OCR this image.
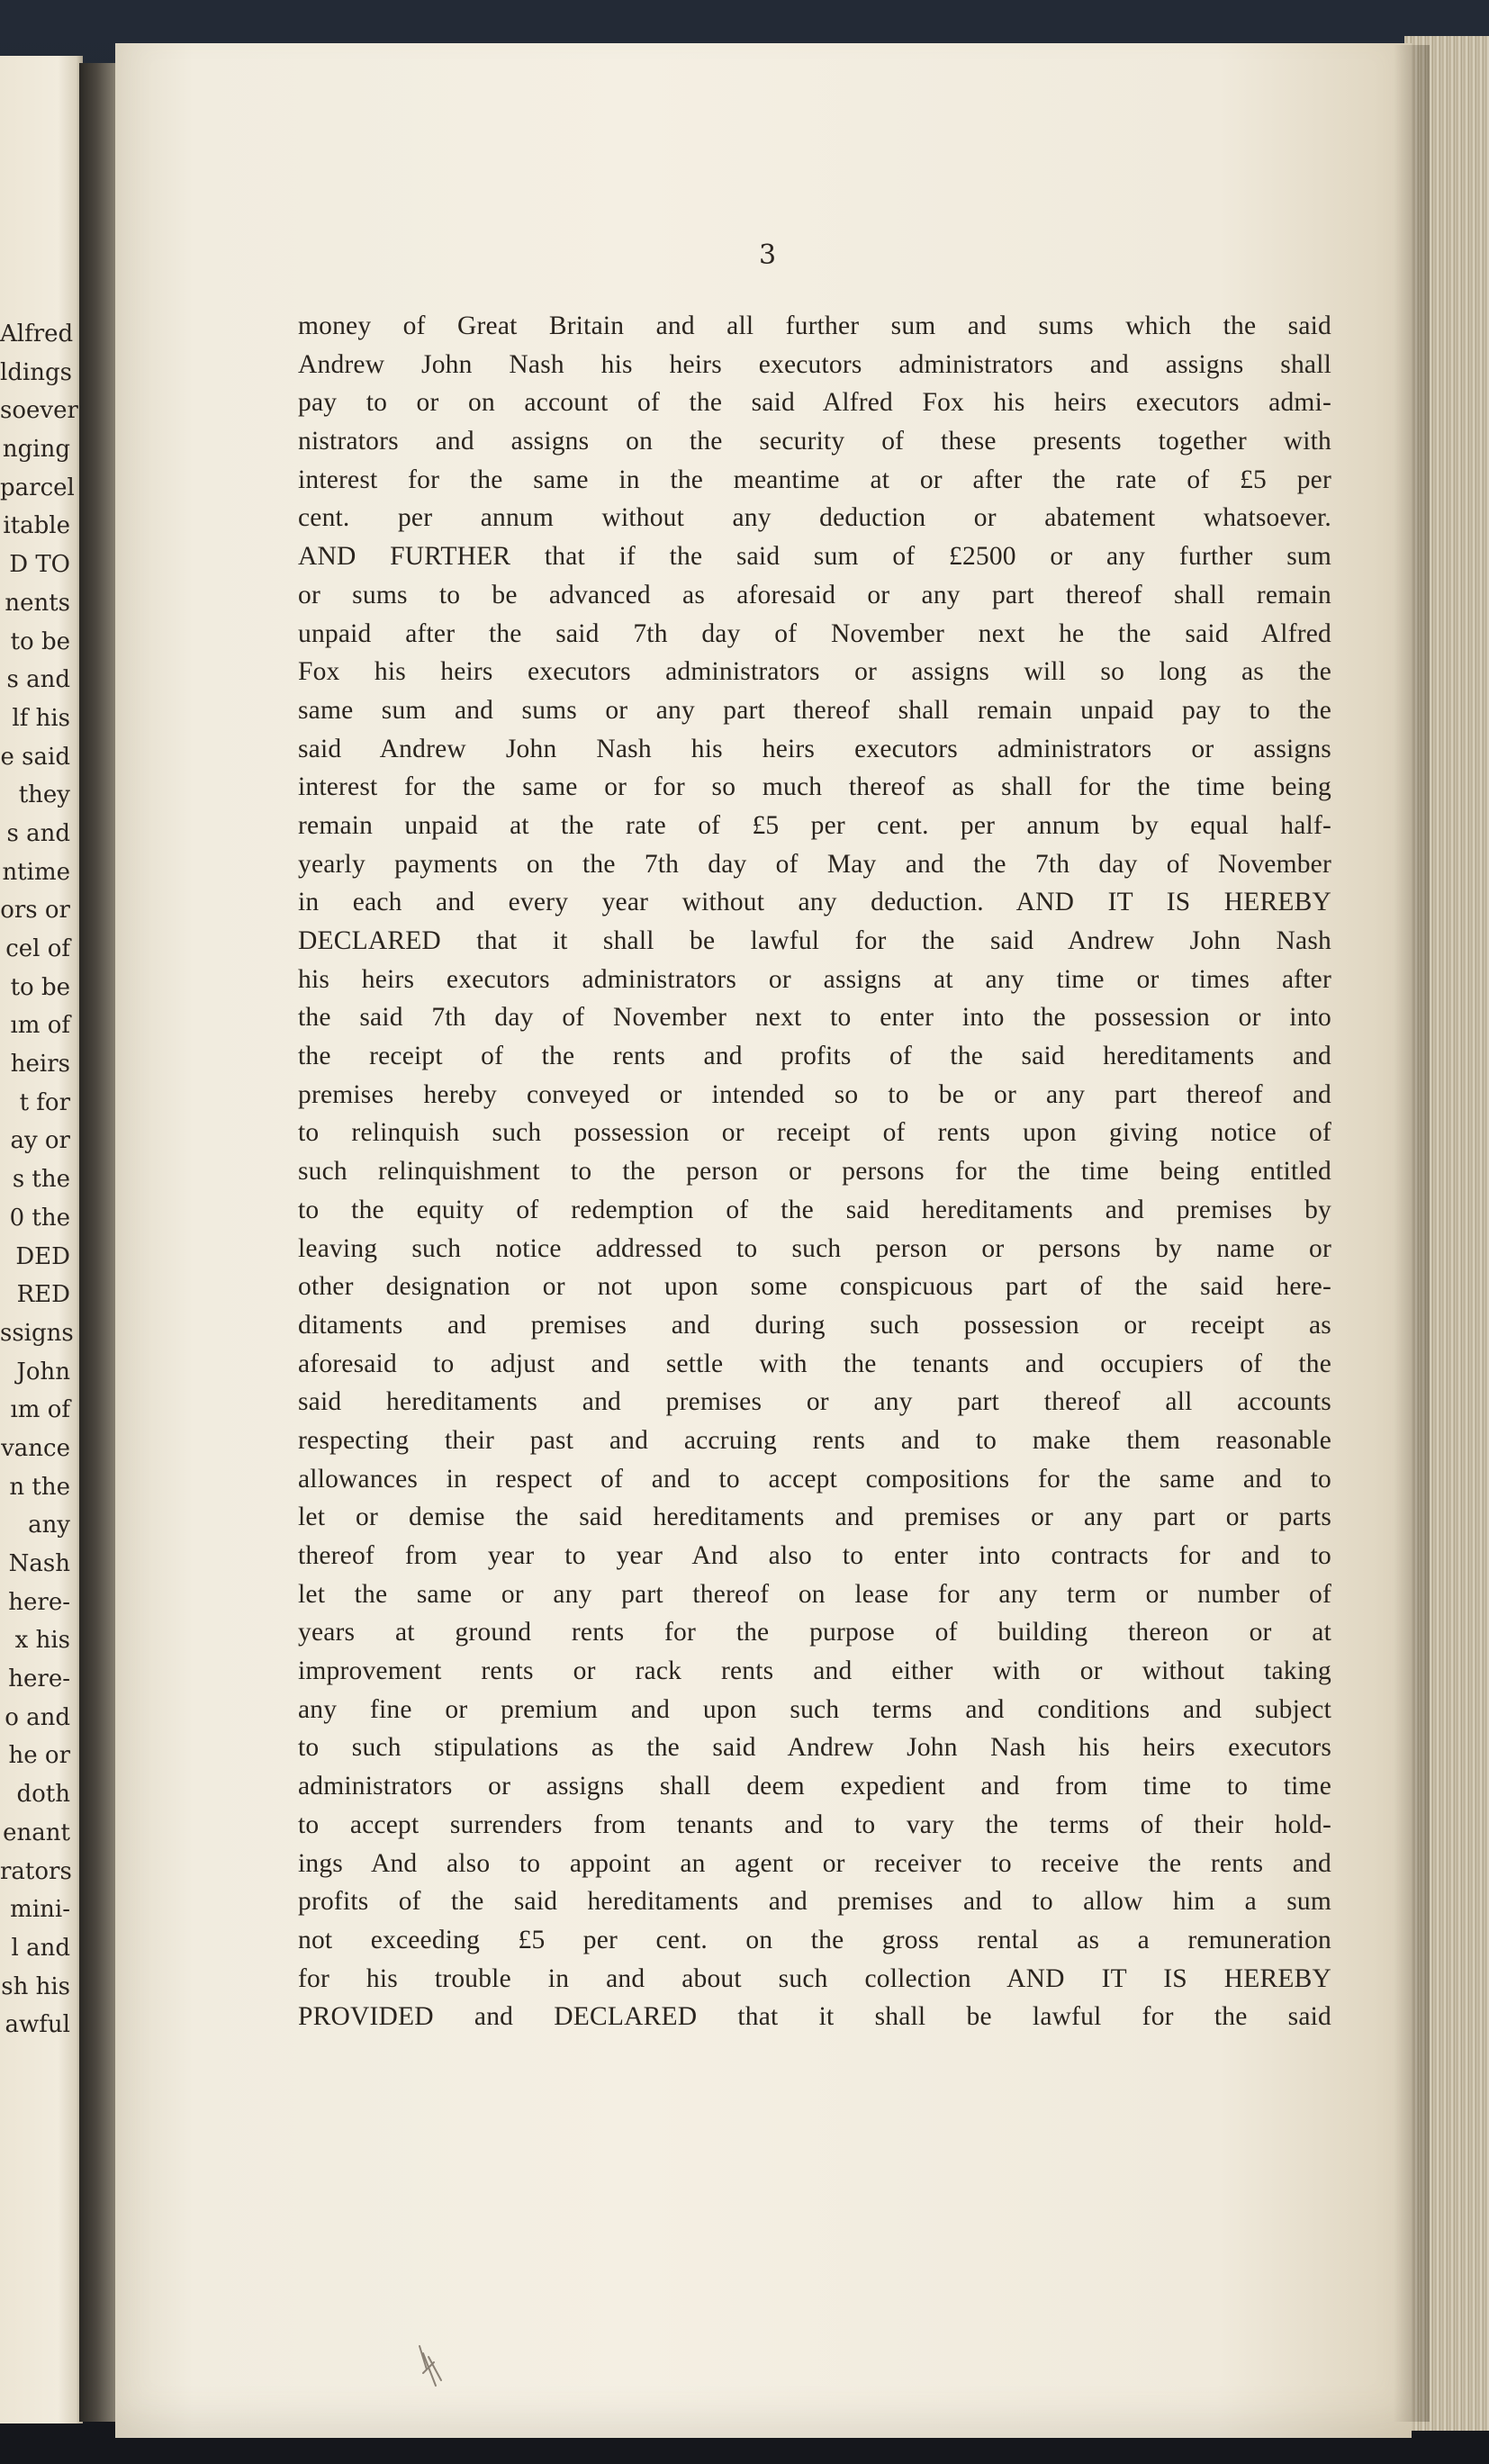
Alfred
ldings
soever
nging
parcel
itable
D TO
nents
to be
s and
lf his
e said
they
s and
ntime
ors or
cel of
to be
ım of
heirs
t for
ay or
s the
0 the
DED
RED
ssigns
John
ım of
vance
n the
any
Nash
here-
x his
here-
o and
he or
doth
enant
rators
mini-
l and
sh his
awful
3
money of Great Britain and all further sum and sums which the said
Andrew John Nash his heirs executors administrators and assigns shall
pay to or on account of the said Alfred Fox his heirs executors admi-
nistrators and assigns on the security of these presents together with
interest for the same in the meantime at or after the rate of £5 per
cent. per annum without any deduction or abatement whatsoever.
AND FURTHER that if the said sum of £2500 or any further sum
or sums to be advanced as aforesaid or any part thereof shall remain
unpaid after the said 7th day of November next he the said Alfred
Fox his heirs executors administrators or assigns will so long as the
same sum and sums or any part thereof shall remain unpaid pay to the
said Andrew John Nash his heirs executors administrators or assigns
interest for the same or for so much thereof as shall for the time being
remain unpaid at the rate of £5 per cent. per annum by equal half-
yearly payments on the 7th day of May and the 7th day of November
in each and every year without any deduction. AND IT IS HEREBY
DECLARED that it shall be lawful for the said Andrew John Nash
his heirs executors administrators or assigns at any time or times after
the said 7th day of November next to enter into the possession or into
the receipt of the rents and profits of the said hereditaments and
premises hereby conveyed or intended so to be or any part thereof and
to relinquish such possession or receipt of rents upon giving notice of
such relinquishment to the person or persons for the time being entitled
to the equity of redemption of the said hereditaments and premises by
leaving such notice addressed to such person or persons by name or
other designation or not upon some conspicuous part of the said here-
ditaments and premises and during such possession or receipt as
aforesaid to adjust and settle with the tenants and occupiers of the
said hereditaments and premises or any part thereof all accounts
respecting their past and accruing rents and to make them reasonable
allowances in respect of and to accept compositions for the same and to
let or demise the said hereditaments and premises or any part or parts
thereof from year to year And also to enter into contracts for and to
let the same or any part thereof on lease for any term or number of
years at ground rents for the purpose of building thereon or at
improvement rents or rack rents and either with or without taking
any fine or premium and upon such terms and conditions and subject
to such stipulations as the said Andrew John Nash his heirs executors
administrators or assigns shall deem expedient and from time to time
to accept surrenders from tenants and to vary the terms of their hold-
ings And also to appoint an agent or receiver to receive the rents and
profits of the said hereditaments and premises and to allow him a sum
not exceeding £5 per cent. on the gross rental as a remuneration
for his trouble in and about such collection AND IT IS HEREBY
PROVIDED and DECLARED that it shall be lawful for the said
